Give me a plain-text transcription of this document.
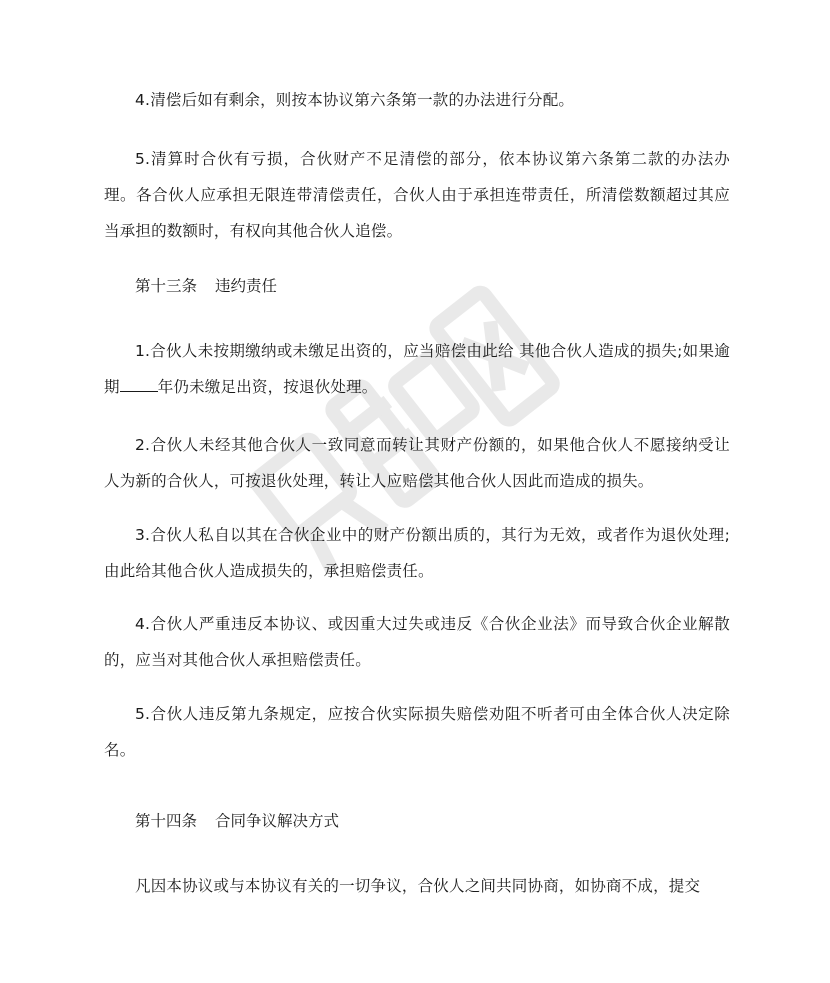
4.清偿后如有剩余，则按本协议第六条第一款的办法进行分配。

5.清算时合伙有亏损，合伙财产不足清偿的部分，依本协议第六条第二款的办法办理。各合伙人应承担无限连带清偿责任，合伙人由于承担连带责任，所清偿数额超过其应当承担的数额时，有权向其他合伙人追偿。

第十三条 违约责任

1.合伙人未按期缴纳或未缴足出资的，应当赔偿由此给 其他合伙人造成的损失;如果逾期 年仍未缴足出资，按退伙处理。

2.合伙人未经其他合伙人一致同意而转让其财产份额的，如果他合伙人不愿接纳受让人为新的合伙人，可按退伙处理，转让人应赔偿其他合伙人因此而造成的损失。

3.合伙人私自以其在合伙企业中的财产份额出质的，其行为无效，或者作为退伙处理;由此给其他合伙人造成损失的，承担赔偿责任。

4.合伙人严重违反本协议、或因重大过失或违反《合伙企业法》而导致合伙企业解散的，应当对其他合伙人承担赔偿责任。

5.合伙人违反第九条规定，应按合伙实际损失赔偿劝阻不听者可由全体合伙人决定除名。

第十四条 合同争议解决方式

凡因本协议或与本协议有关的一切争议，合伙人之间共同协商，如协商不成，提交
